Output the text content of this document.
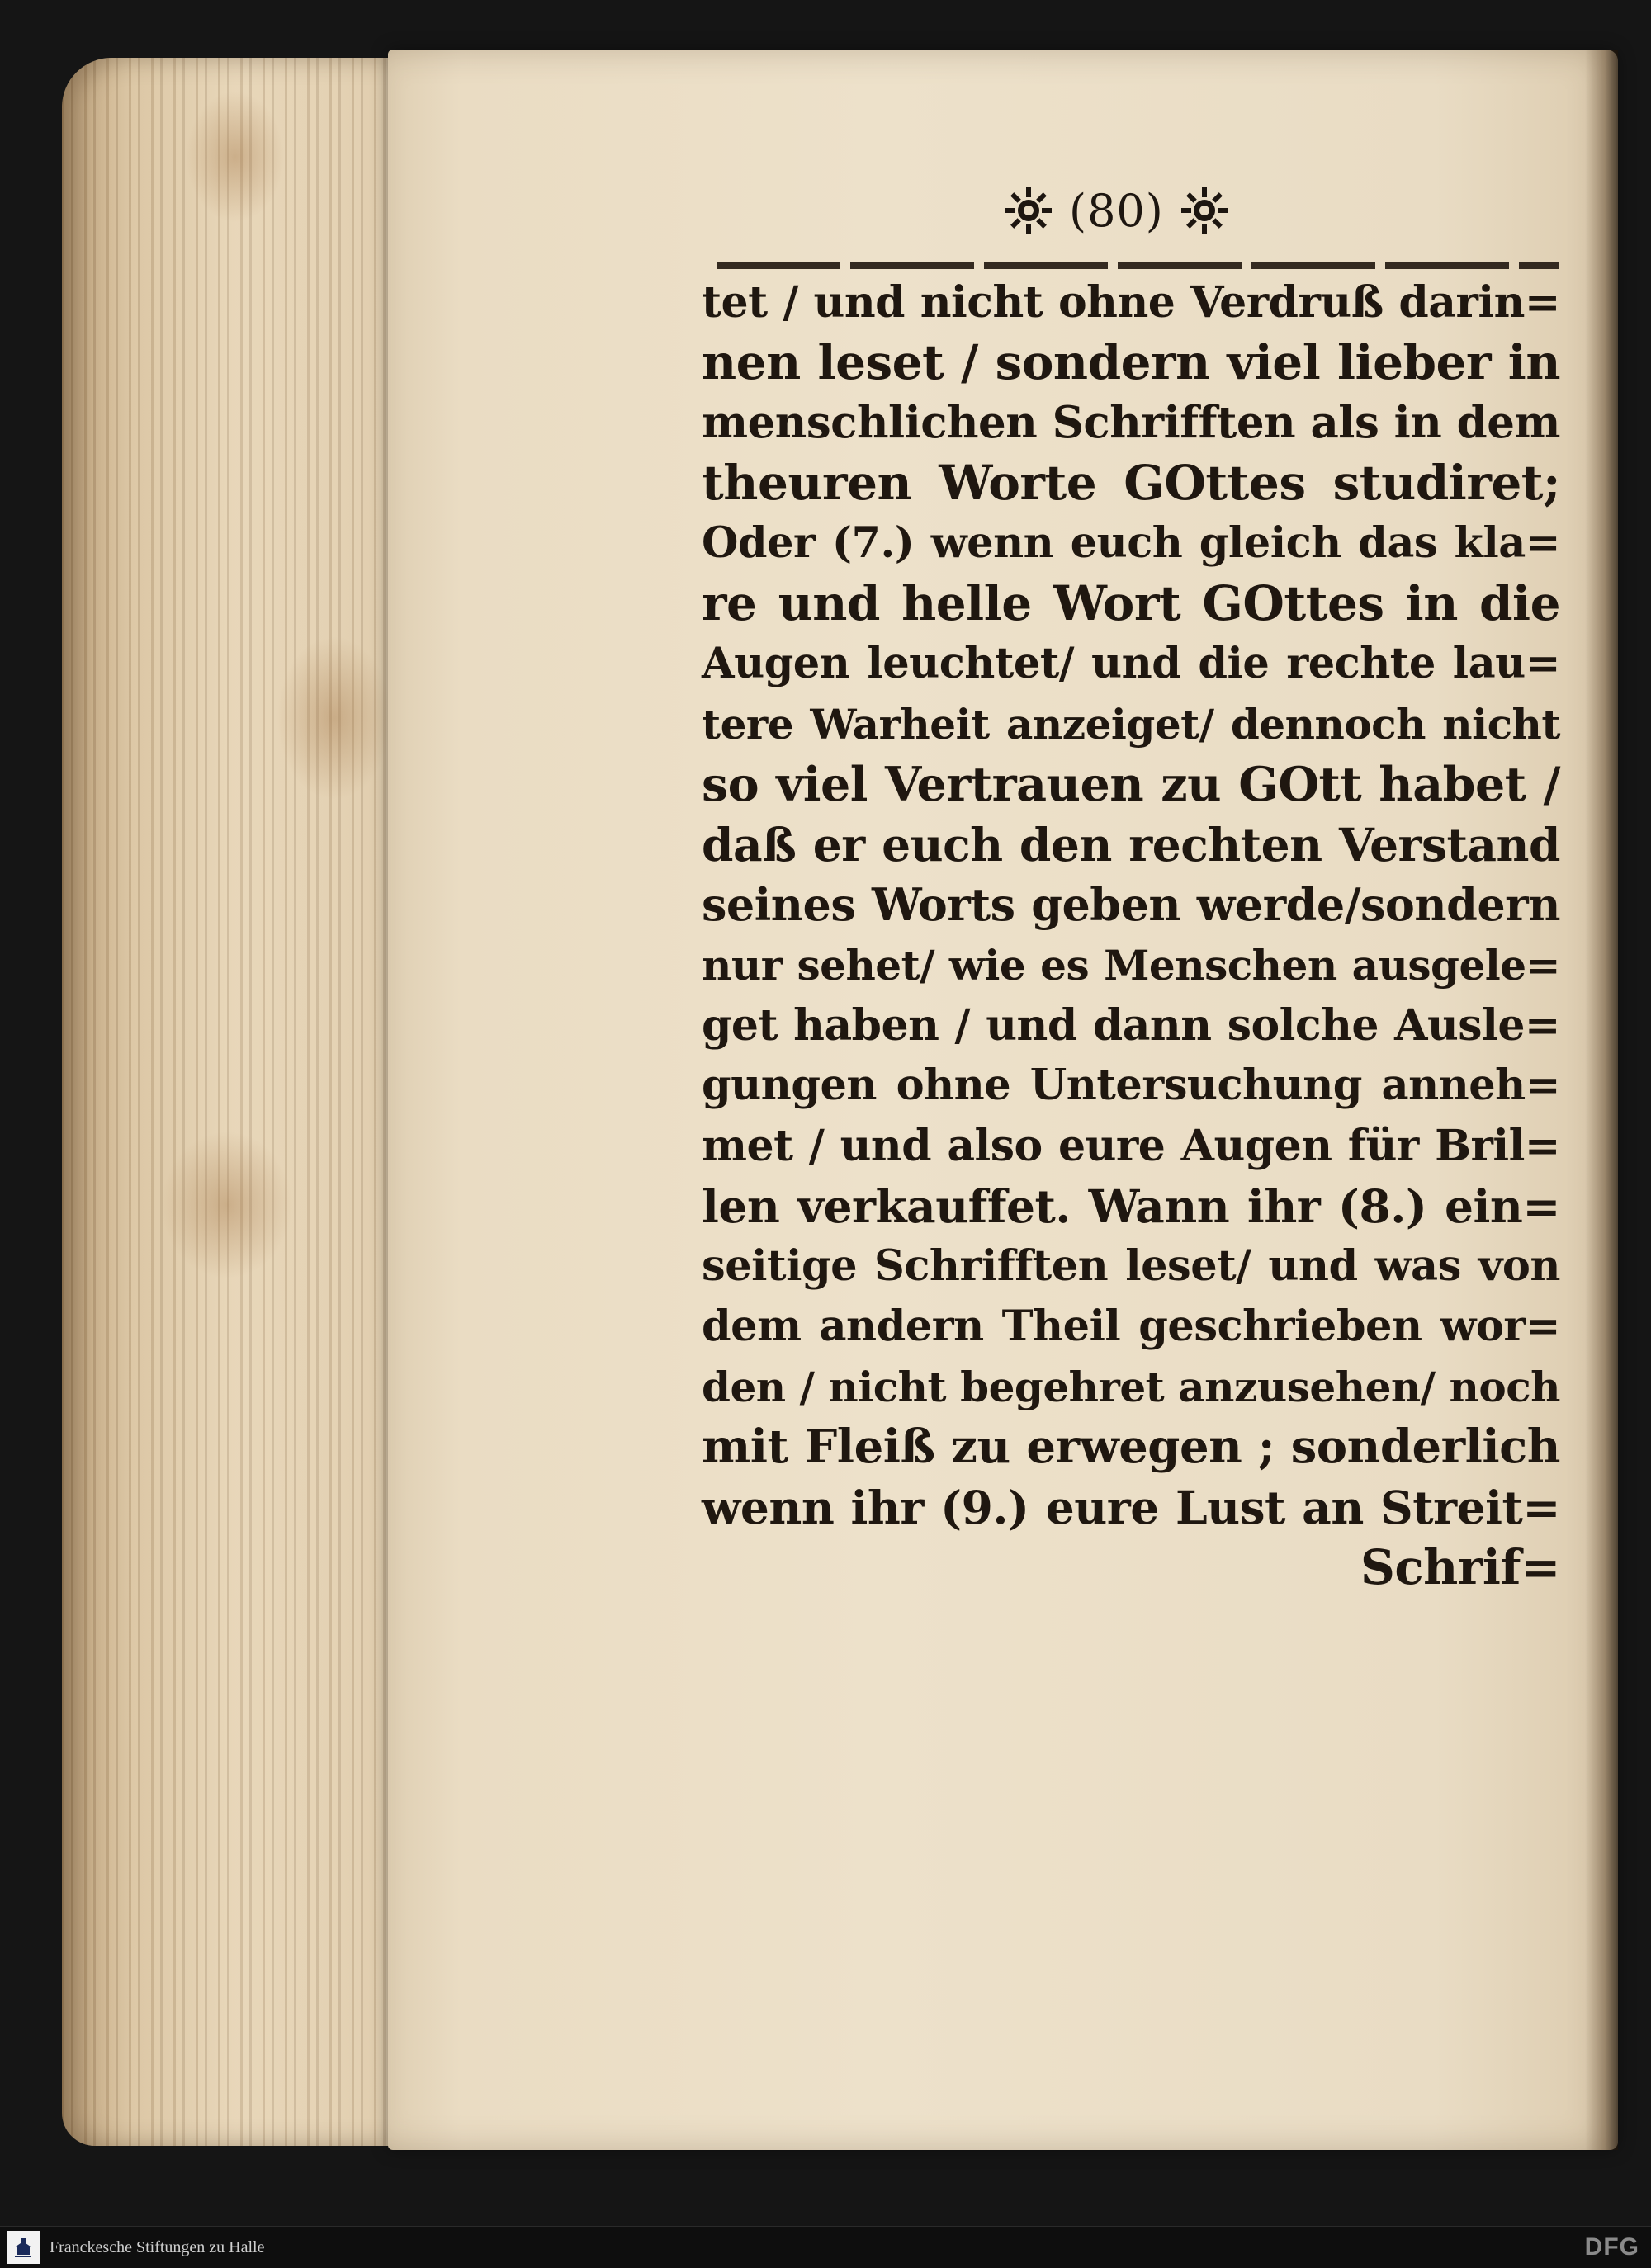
(80)
tet / und nicht ohne Verdruß darin=
nen leset / sondern viel lieber in
menschlichen Schrifften als in dem
theuren Worte GOttes studiret;
Oder (7.) wenn euch gleich das kla=
re und helle Wort GOttes in die
Augen leuchtet/ und die rechte lau=
tere Warheit anzeiget/ dennoch nicht
so viel Vertrauen zu GOtt habet /
daß er euch den rechten Verstand
seines Worts geben werde/sondern
nur sehet/ wie es Menschen ausgele=
get haben / und dann solche Ausle=
gungen ohne Untersuchung anneh=
met / und also eure Augen für Bril=
len verkauffet. Wann ihr (8.) ein=
seitige Schrifften leset/ und was von
dem andern Theil geschrieben wor=
den / nicht begehret anzusehen/ noch
mit Fleiß zu erwegen ; sonderlich
wenn ihr (9.) eure Lust an Streit=
Schrif=
Franckesche Stiftungen zu Halle	DFG
